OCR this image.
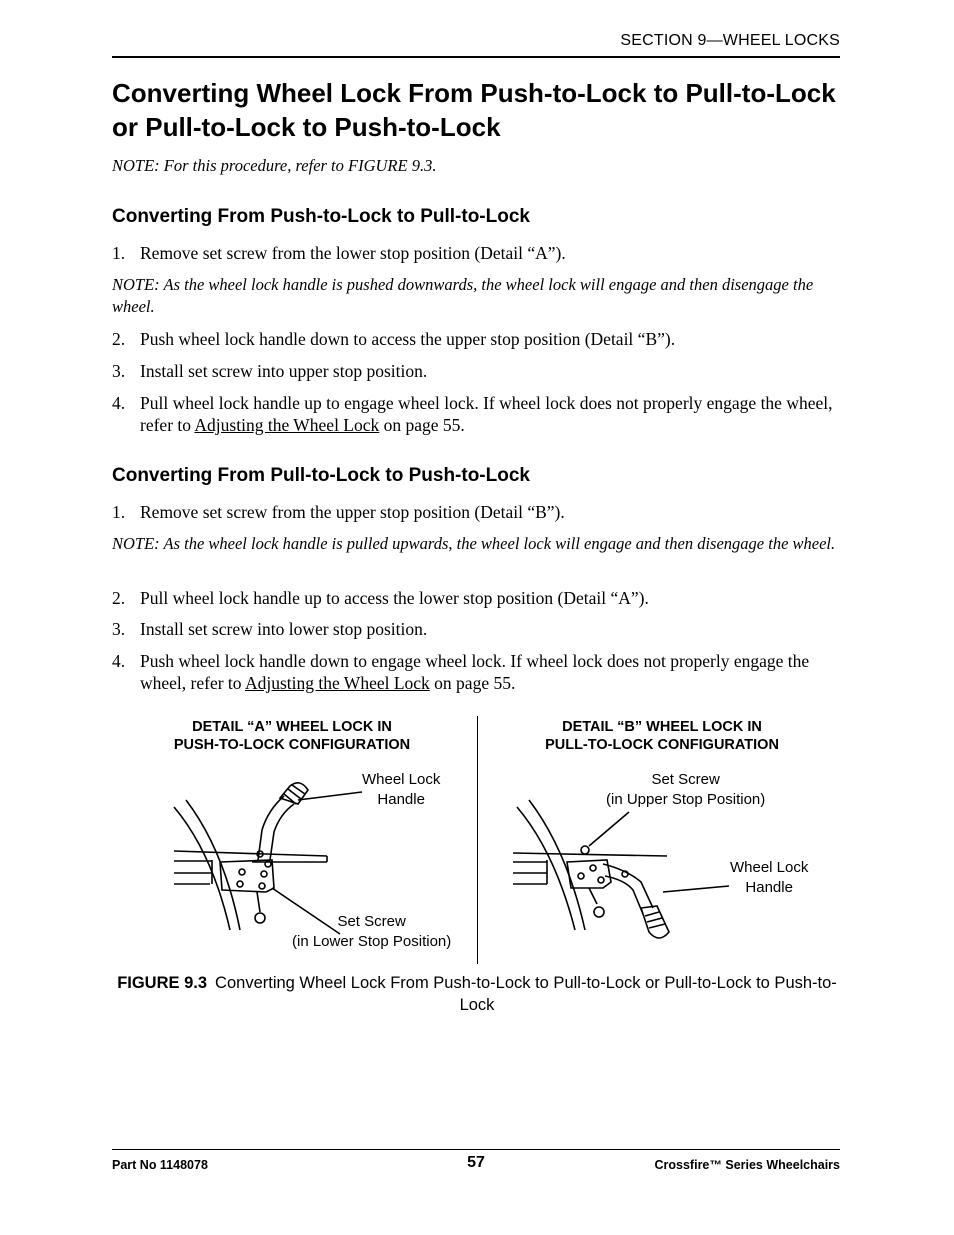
SECTION 9—WHEEL LOCKS
Converting Wheel Lock From Push-to-Lock to Pull-to-Lock or Pull-to-Lock to Push-to-Lock
NOTE: For this procedure, refer to FIGURE 9.3.
Converting From Push-to-Lock to Pull-to-Lock
1. Remove set screw from the lower stop position (Detail “A”).
NOTE: As the wheel lock handle is pushed downwards, the wheel lock will engage and then disengage the wheel.
2. Push wheel lock handle down to access the upper stop position (Detail “B”).
3. Install set screw into upper stop position.
4. Pull wheel lock handle up to engage wheel lock. If wheel lock does not properly engage the wheel, refer to Adjusting the Wheel Lock on page 55.
Converting From Pull-to-Lock to Push-to-Lock
1. Remove set screw from the upper stop position (Detail “B”).
NOTE: As the wheel lock handle is pulled upwards, the wheel lock will engage and then disengage the wheel.
2. Pull wheel lock handle up to access the lower stop position (Detail “A”).
3. Install set screw into lower stop position.
4. Push wheel lock handle down to engage wheel lock. If wheel lock does not properly engage the wheel, refer to Adjusting the Wheel Lock on page 55.
DETAIL “A” WHEEL LOCK IN
PUSH-TO-LOCK CONFIGURATION
Wheel Lock
Handle
Set Screw
(in Lower Stop Position)
DETAIL “B” WHEEL LOCK IN
PULL-TO-LOCK CONFIGURATION
Set Screw
(in Upper Stop Position)
Wheel Lock
Handle
FIGURE 9.3 Converting Wheel Lock From Push-to-Lock to Pull-to-Lock or Pull-to-Lock to Push-to-Lock
Part No 1148078	57	Crossfire™ Series Wheelchairs
